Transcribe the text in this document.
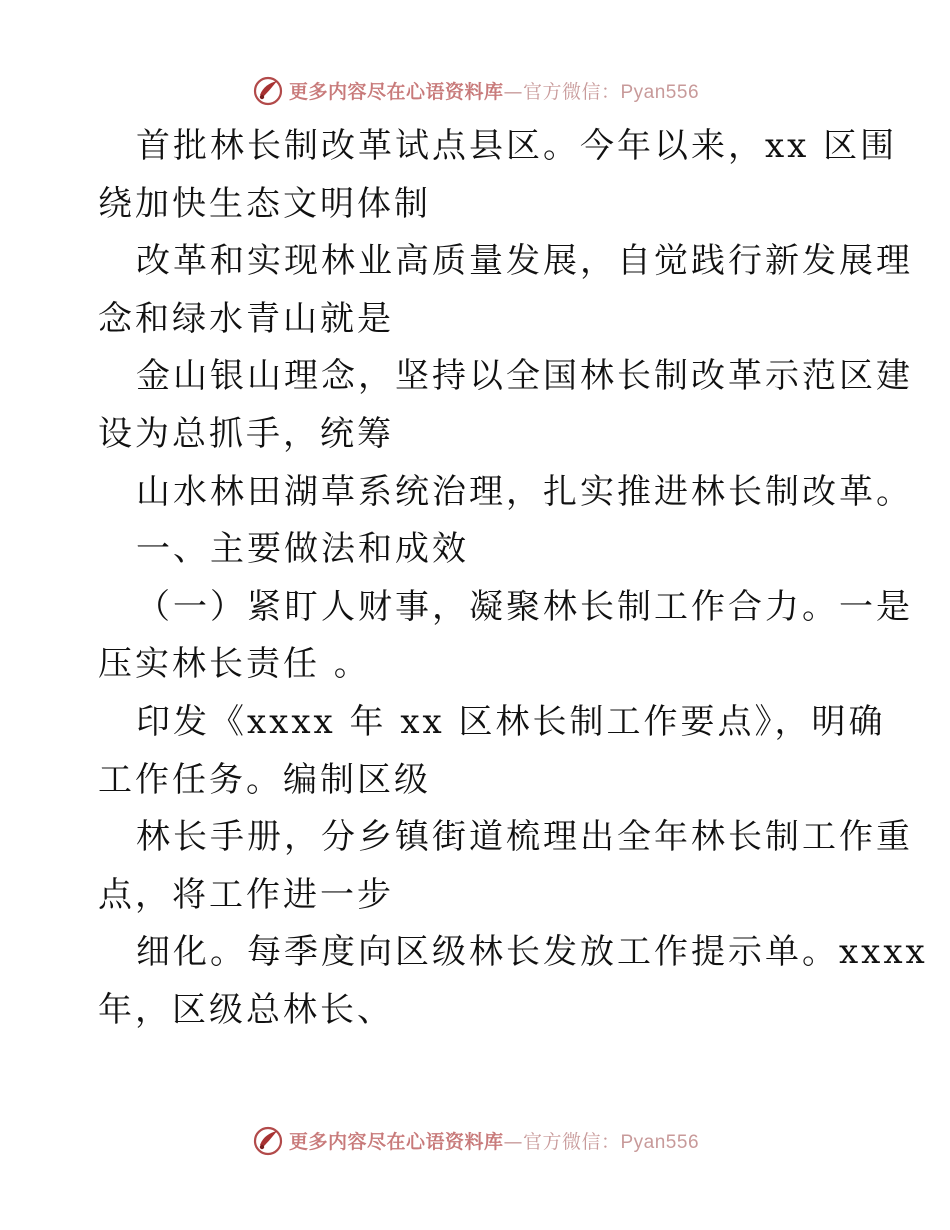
更多内容尽在心语资料库—官方微信：Pyan556
首批林长制改革试点县区。今年以来，xx 区围
绕加快生态文明体制
改革和实现林业高质量发展，自觉践行新发展理
念和绿水青山就是
金山银山理念，坚持以全国林长制改革示范区建
设为总抓手，统筹
山水林田湖草系统治理，扎实推进林长制改革。
一、主要做法和成效
（一）紧盯人财事，凝聚林长制工作合力。一是
压实林长责任 。
印发《xxxx 年 xx 区林长制工作要点》，明确
工作任务。编制区级
林长手册，分乡镇街道梳理出全年林长制工作重
点，将工作进一步
细化。每季度向区级林长发放工作提示单。xxxx
年，区级总林长、
更多内容尽在心语资料库—官方微信：Pyan556
